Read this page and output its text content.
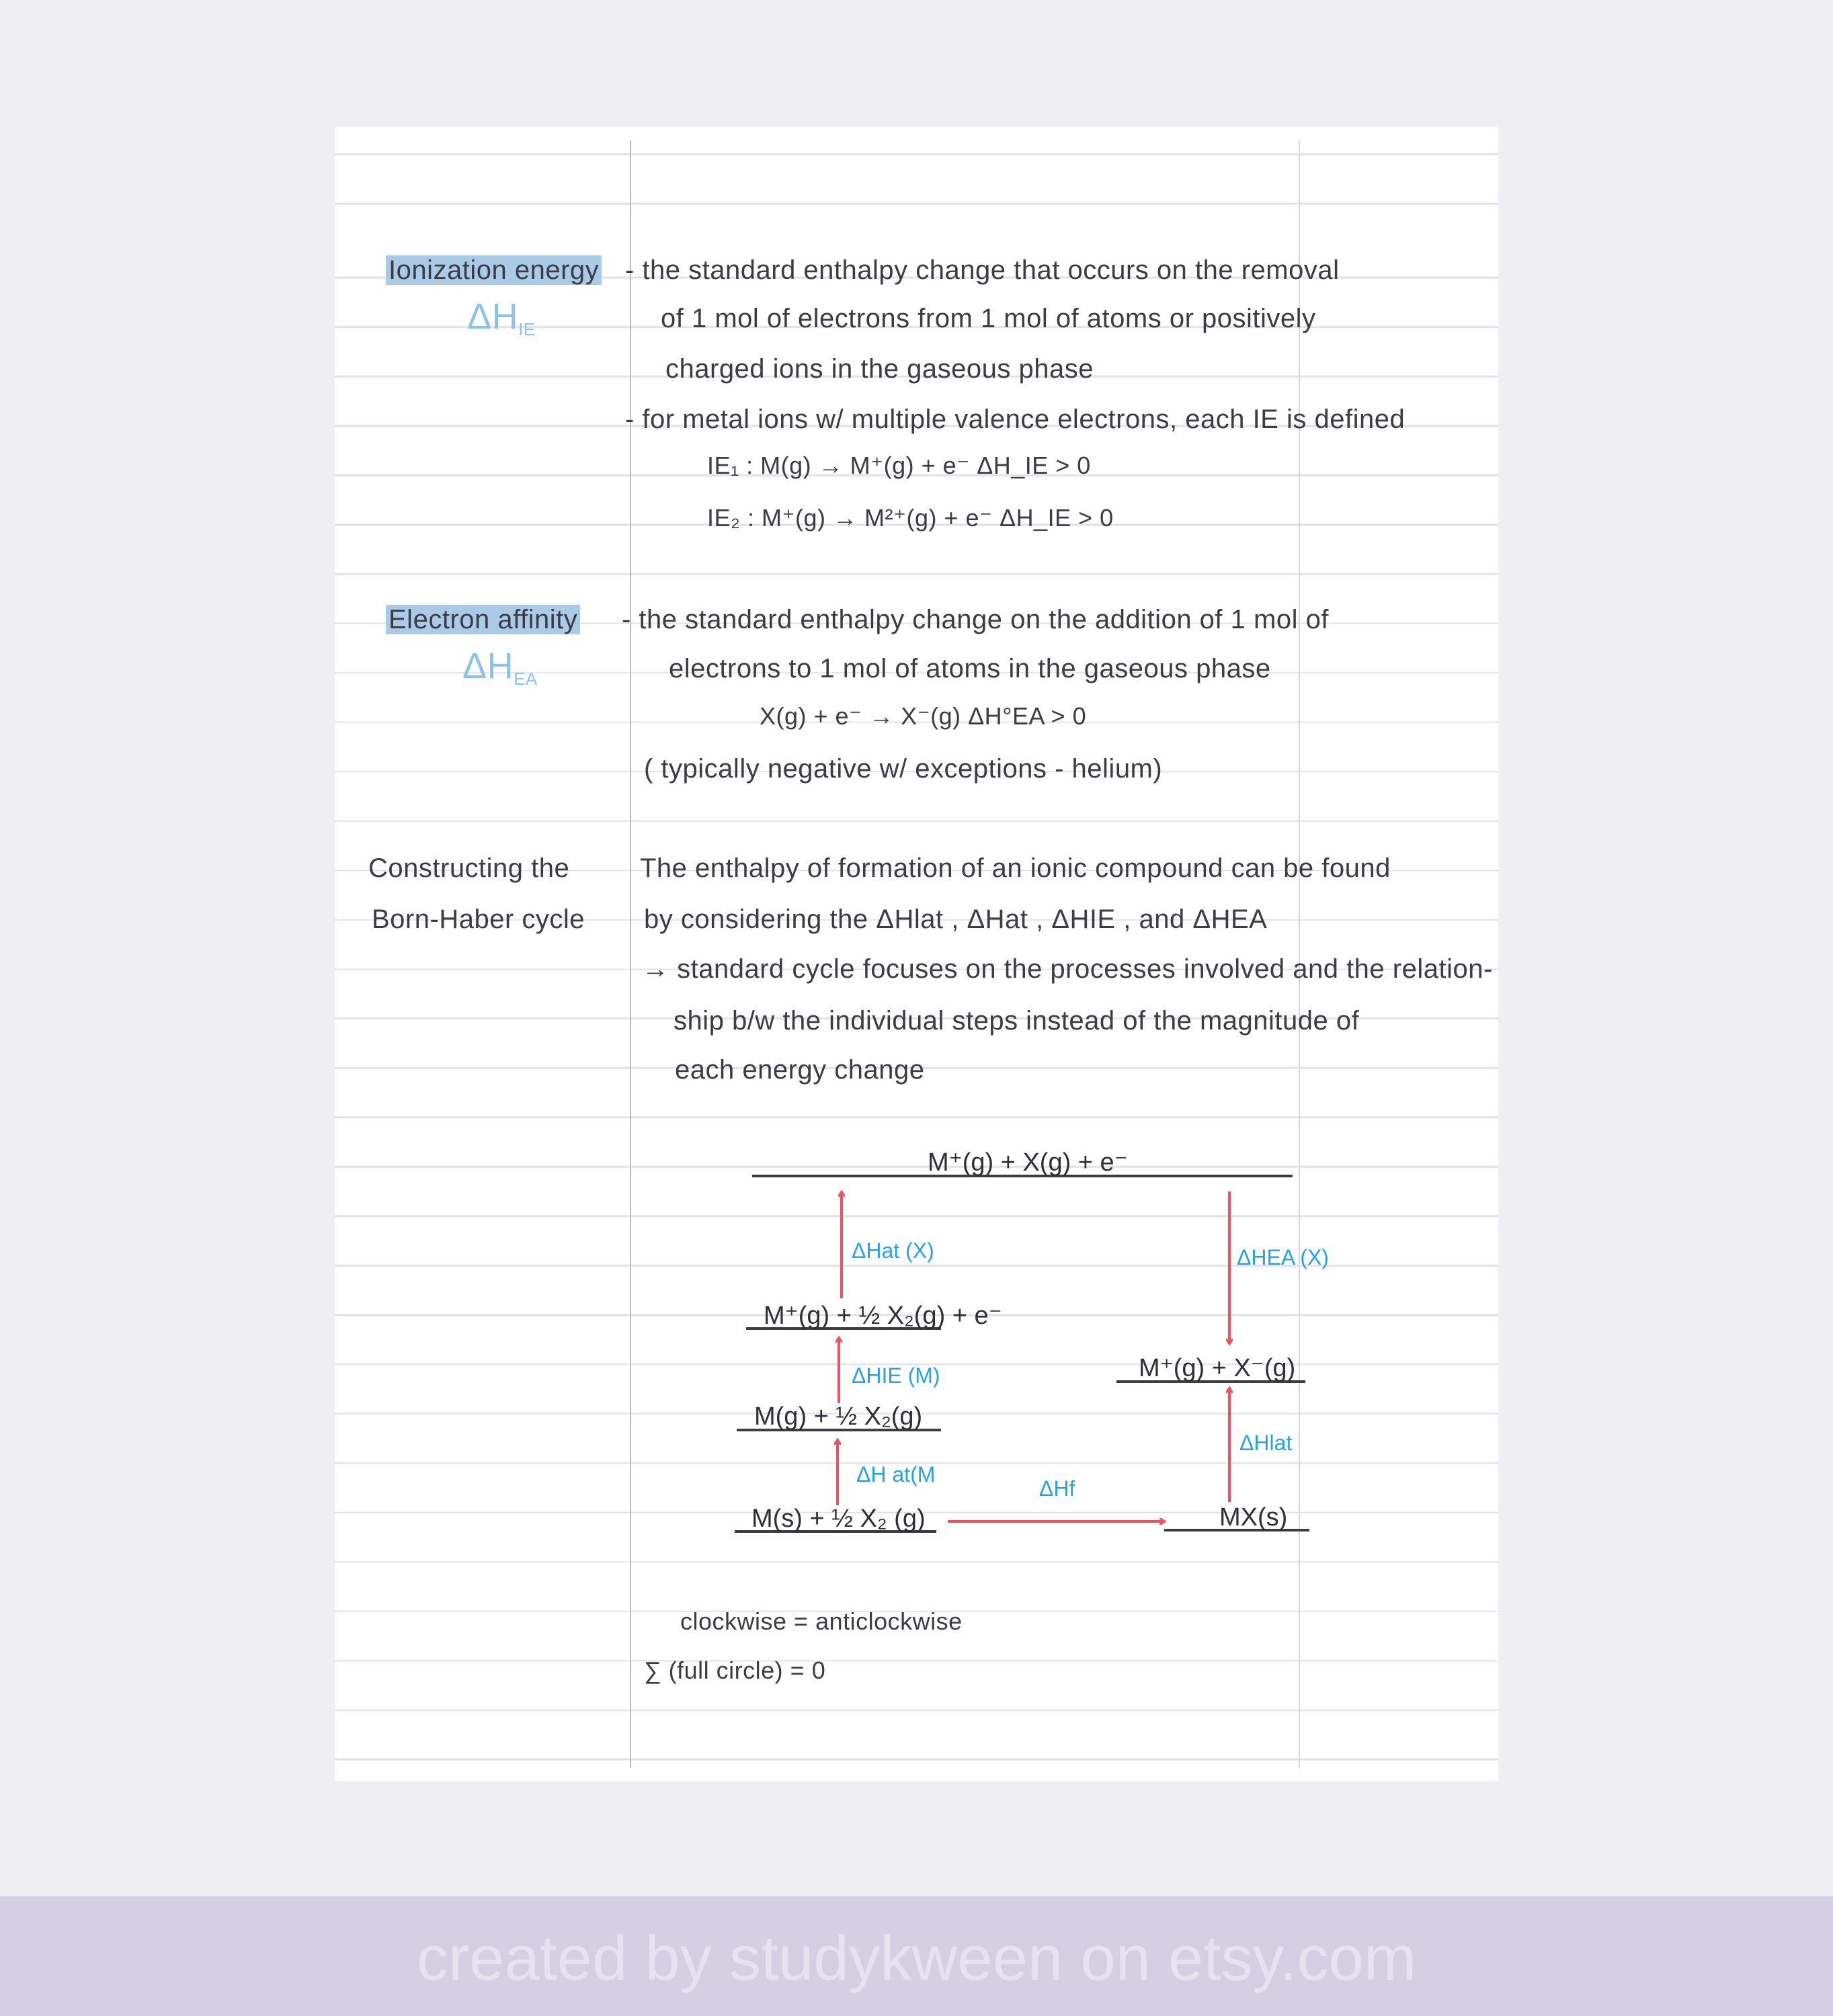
Ionization energy
$\Delta H_{IE}$
- the standard enthalpy change that occurs on the removal
of 1 mol of electrons from 1 mol of atoms or positively
charged ions in the gaseous phase
- for metal ions w/ multiple valence electrons, each IE is defined
IE₁ : M(g) → M⁺(g) + e⁻ ΔH_IE > 0
IE₂ : M⁺(g) → M²⁺(g) + e⁻ ΔH_IE > 0
Electron affinity
$\Delta H_{EA}$
- the standard enthalpy change on the addition of 1 mol of
electrons to 1 mol of atoms in the gaseous phase
X(g) + e⁻ → X⁻(g) ΔH°EA > 0
( typically negative w/ exceptions - helium)
Constructing the
Born-Haber cycle
The enthalpy of formation of an ionic compound can be found
by considering the ΔHlat , ΔHat , ΔHIE , and ΔHEA
→ standard cycle focuses on the processes involved and the relation-
ship b/w the individual steps instead of the magnitude of
each energy change
M⁺(g) + X(g) + e⁻
M⁺(g) + ½ X₂(g) + e⁻
M(g) + ½ X₂(g)
M(s) + ½ X₂ (g)
M⁺(g) + X⁻(g)
MX(s)
ΔHat (X)
ΔHIE (M)
ΔH at(M
ΔHf
ΔHEA (X)
ΔHlat
clockwise = anticlockwise
∑ (full circle) = 0
created by studykween on etsy.com
